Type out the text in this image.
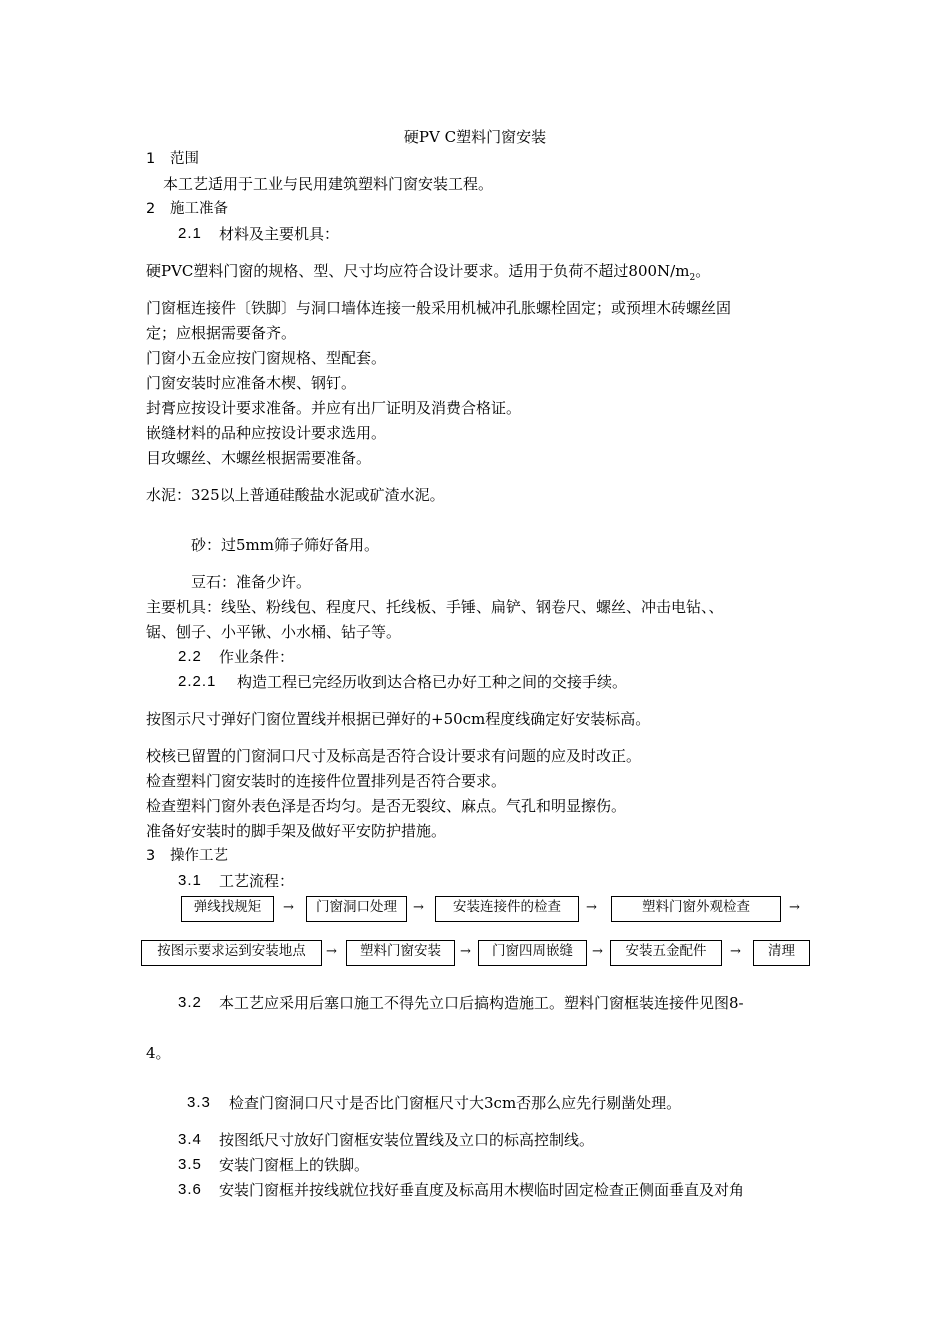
硬PV C塑料门窗安装
1 范围
本工艺适用于工业与民用建筑塑料门窗安装工程。
2 施工准备
2.1 材料及主要机具：
硬PVC塑料门窗的规格、型、尺寸均应符合设计要求。适用于负荷不超过$800N/m_2$。
门窗框连接件〔铁脚〕与洞口墙体连接一般采用机械冲孔胀螺栓固定；或预埋木砖螺丝固
定；应根据需要备齐。
门窗小五金应按门窗规格、型配套。
门窗安装时应准备木楔、钢钉。
封膏应按设计要求准备。并应有出厂证明及消费合格证。
嵌缝材料的品种应按设计要求选用。
目攻螺丝、木螺丝根据需要准备。
水泥：325以上普通硅酸盐水泥或矿渣水泥。
砂：过5mm筛子筛好备用。
豆石：准备少许。
主要机具：线坠、粉线包、程度尺、托线板、手锤、扁铲、钢卷尺、螺丝、冲击电钻、、
锯、刨子、小平锹、小水桶、钻子等。
2.2 作业条件：
2.2.1 构造工程已完经历收到达合格已办好工种之间的交接手续。
按图示尺寸弹好门窗位置线并根据已弹好的+50cm程度线确定好安装标高。
校核已留置的门窗洞口尺寸及标高是否符合设计要求有问题的应及时改正。
检查塑料门窗安装时的连接件位置排列是否符合要求。
检查塑料门窗外表色泽是否均匀。是否无裂纹、麻点。气孔和明显擦伤。
准备好安装时的脚手架及做好平安防护措施。
3 操作工艺
3.1 工艺流程：
弹线找规矩	→	门窗洞口处理	→	安装连接件的检查	→	塑料门窗外观检查	→
按图示要求运到安装地点	→	塑料门窗安装	→	门窗四周嵌缝	→	安装五金配件	→	清理
3.2 本工艺应采用后塞口施工不得先立口后搞构造施工。塑料门窗框装连接件见图8-
4。
3.3 检查门窗洞口尺寸是否比门窗框尺寸大3cm否那么应先行剔凿处理。
3.4 按图纸尺寸放好门窗框安装位置线及立口的标高控制线。
3.5 安装门窗框上的铁脚。
3.6 安装门窗框并按线就位找好垂直度及标高用木楔临时固定检查正侧面垂直及对角
